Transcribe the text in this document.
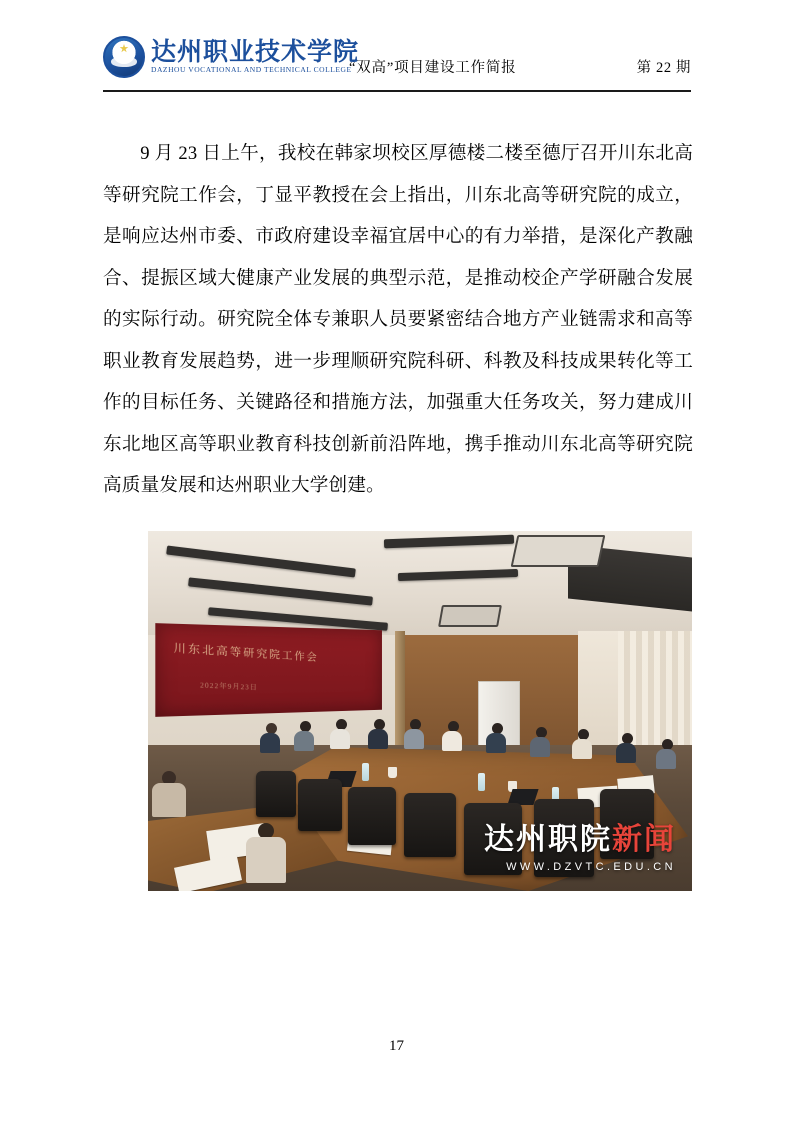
达州职业技术学院
DAZHOU VOCATIONAL AND TECHNICAL COLLEGE
“双高”项目建设工作简报	第 22 期

9 月 23 日上午，我校在韩家坝校区厚德楼二楼至德厅召开川东北高等研究院工作会，丁显平教授在会上指出，川东北高等研究院的成立，是响应达州市委、市政府建设幸福宜居中心的有力举措，是深化产教融合、提振区域大健康产业发展的典型示范，是推动校企产学研融合发展的实际行动。研究院全体专兼职人员要紧密结合地方产业链需求和高等职业教育发展趋势，进一步理顺研究院科研、科教及科技成果转化等工作的目标任务、关键路径和措施方法，加强重大任务攻关，努力建成川东北地区高等职业教育科技创新前沿阵地，携手推动川东北高等研究院高质量发展和达州职业大学创建。

川东北高等研究院工作会
2022年9月23日
达州职院新闻
WWW.DZVTC.EDU.CN
17
